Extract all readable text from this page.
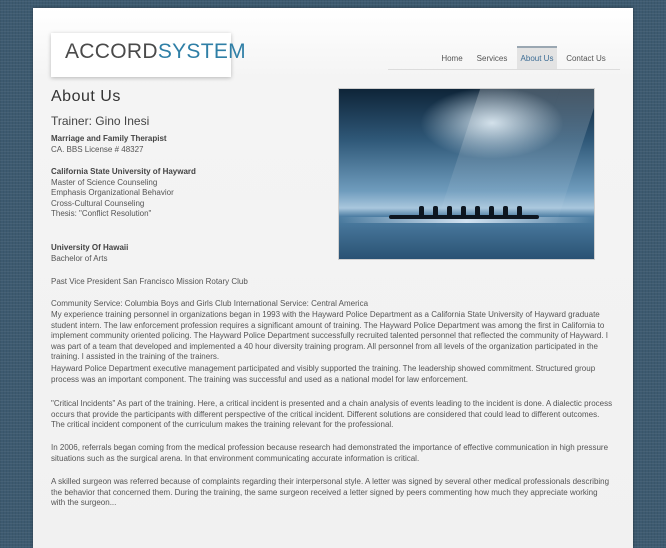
ACCORDSYSTEM	Home	Services	About Us	Contact Us
About Us
Trainer: Gino Inesi
Marriage and Family Therapist
CA. BBS License # 48327
California State University of Hayward
Master of Science Counseling
Emphasis Organizational Behavior
Cross-Cultural Counseling
Thesis: "Conflict Resolution"
University Of Hawaii
Bachelor of Arts
Past Vice President San Francisco Mission Rotary Club
Community Service: Columbia Boys and Girls Club International Service: Central America
My experience training personnel in organizations began in 1993 with the Hayward Police Department as a California State University of Hayward graduate student intern. The law enforcement profession requires a significant amount of training. The Hayward Police Department was among the first in California to implement community oriented policing. The Hayward Police Department successfully recruited talented personnel that reflected the community of Hayward. I was part of a team that developed and implemented a 40 hour diversity training program. All personnel from all levels of the organization participated in the training. I assisted in the training of the trainers.
Hayward Police Department executive management participated and visibly supported the training. The leadership showed commitment. Structured group process was an important component. The training was successful and used as a national model for law enforcement.
"Critical Incidents" As part of the training. Here, a critical incident is presented and a chain analysis of events leading to the incident is done. A dialectic process occurs that provide the participants with different perspective of the critical incident. Different solutions are considered that could lead to different outcomes.
The critical incident component of the curriculum makes the training relevant for the professional.
In 2006, referrals began coming from the medical profession because research had demonstrated the importance of effective communication in high pressure situations such as the surgical arena. In that environment communicating accurate information is critical.
A skilled surgeon was referred because of complaints regarding their interpersonal style. A letter was signed by several other medical professionals describing the behavior that concerned them. During the training, the same surgeon received a letter signed by peers commenting how much they appreciate working with the surgeon...
